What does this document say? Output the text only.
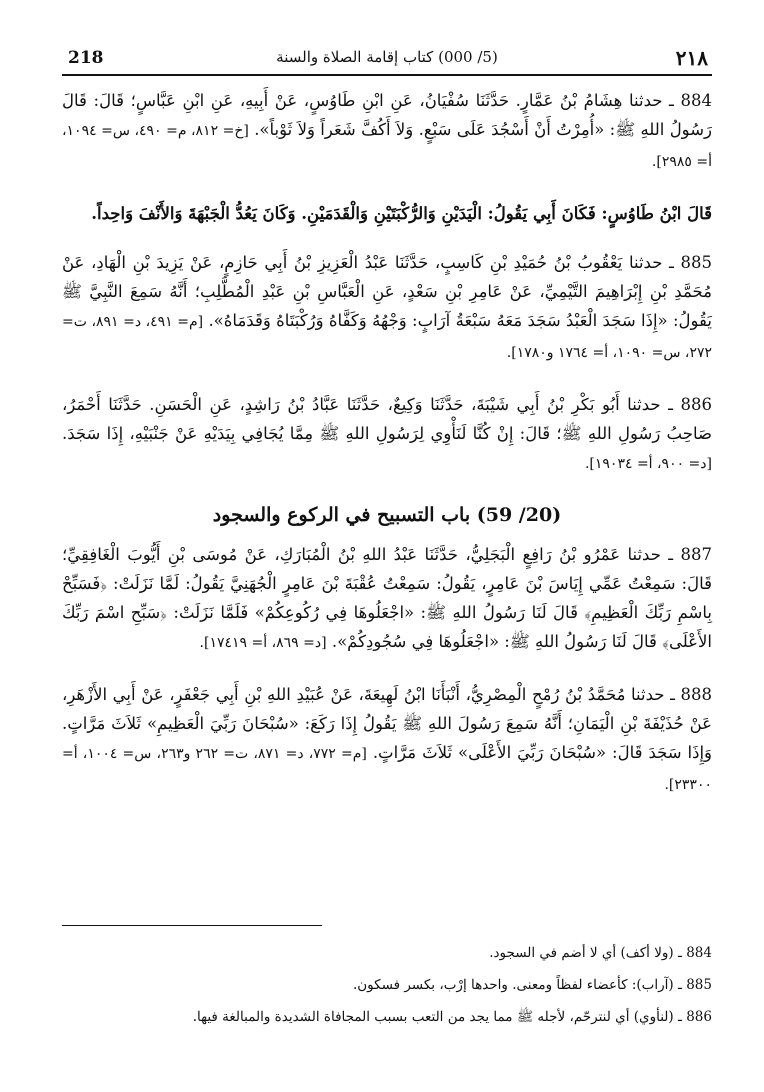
218	(5/ 000) كتاب إقامة الصلاة والسنة	٢١٨

884 ـ حدثنا هِشَامُ بْنُ عَمَّارٍ. حَدَّثَنَا سُفْيَانُ، عَنِ ابْنِ طَاوُسٍ، عَنْ أَبِيهِ، عَنِ ابْنِ عَبَّاسٍ؛ قَالَ: قَالَ رَسُولُ اللهِ ﷺ: «أُمِرْتُ أَنْ أَسْجُدَ عَلَى سَبْعٍ. وَلاَ أَكُفَّ شَعَراً وَلاَ ثَوْباً». [خ= ٨١٢، م= ٤٩٠، س= ١٠٩٤، أ= ٢٩٨٥].

قَالَ ابْنُ طَاوُسٍ: فَكَانَ أَبِي يَقُولُ: الْيَدَيْنِ وَالرُّكْبَتَيْنِ وَالْقَدَمَيْنِ. وَكَانَ يَعُدُّ الْجَبْهَةَ وَالأَنْفَ وَاحِداً.

885 ـ حدثنا يَعْقُوبُ بْنُ حُمَيْدِ بْنِ كَاسِبٍ، حَدَّثَنَا عَبْدُ الْعَزِيزِ بْنُ أَبِي حَازِمٍ، عَنْ يَزِيدَ بْنِ الْهَادِ، عَنْ مُحَمَّدِ بْنِ إِبْرَاهِيمَ التَّيْمِيِّ، عَنْ عَامِرِ بْنِ سَعْدٍ، عَنِ الْعَبَّاسِ بْنِ عَبْدِ الْمُطَّلِبِ؛ أَنَّهُ سَمِعَ النَّبِيَّ ﷺ يَقُولُ: «إِذَا سَجَدَ الْعَبْدُ سَجَدَ مَعَهُ سَبْعَةُ آرَابٍ: وَجْهُهُ وَكَفَّاهُ وَرُكْبَتَاهُ وَقَدَمَاهُ». [م= ٤٩١، د= ٨٩١، ت= ٢٧٢، س= ١٠٩٠، أ= ١٧٦٤ و١٧٨٠].

886 ـ حدثنا أَبُو بَكْرِ بْنُ أَبِي شَيْبَةَ، حَدَّثَنَا وَكِيعٌ، حَدَّثَنَا عَبَّادُ بْنُ رَاشِدٍ، عَنِ الْحَسَنِ. حَدَّثَنَا أَحْمَرُ، صَاحِبُ رَسُولِ اللهِ ﷺ؛ قَالَ: إِنْ كُنَّا لَنَأْوِي لِرَسُولِ اللهِ ﷺ مِمَّا يُجَافِي بِيَدَيْهِ عَنْ جَنْبَيْهِ، إِذَا سَجَدَ. [د= ٩٠٠، أ= ١٩٠٣٤].

(20/ 59) باب التسبيح في الركوع والسجود

887 ـ حدثنا عَمْرُو بْنُ رَافِعٍ الْبَجَلِيُّ، حَدَّثَنَا عَبْدُ اللهِ بْنُ الْمُبَارَكِ، عَنْ مُوسَى بْنِ أَيُّوبَ الْغَافِقِيِّ؛ قَالَ: سَمِعْتُ عَمِّي إِيَاسَ بْنَ عَامِرٍ، يَقُولُ: سَمِعْتُ عُقْبَةَ بْنَ عَامِرٍ الْجُهَنِيَّ يَقُولُ: لَمَّا نَزَلَتْ: ﴿فَسَبِّحْ بِاسْمِ رَبِّكَ الْعَظِيمِ﴾ قَالَ لَنَا رَسُولُ اللهِ ﷺ: «اجْعَلُوهَا فِي رُكُوعِكُمْ» فَلَمَّا نَزَلَتْ: ﴿سَبِّحِ اسْمَ رَبِّكَ الأَعْلَى﴾ قَالَ لَنَا رَسُولُ اللهِ ﷺ: «اجْعَلُوهَا فِي سُجُودِكُمْ». [د= ٨٦٩، أ= ١٧٤١٩].

888 ـ حدثنا مُحَمَّدُ بْنُ رُمْحٍ الْمِصْرِيُّ، أَنْبَأَنَا ابْنُ لَهِيعَةَ، عَنْ عُبَيْدِ اللهِ بْنِ أَبِي جَعْفَرٍ، عَنْ أَبِي الأَزْهَرِ، عَنْ حُذَيْفَةَ بْنِ الْيَمَانِ؛ أَنَّهُ سَمِعَ رَسُولَ اللهِ ﷺ يَقُولُ إِذَا رَكَعَ: «سُبْحَانَ رَبِّيَ الْعَظِيمِ» ثَلاَثَ مَرَّاتٍ. وَإِذَا سَجَدَ قَالَ: «سُبْحَانَ رَبِّيَ الأَعْلَى» ثَلاَثَ مَرَّاتٍ. [م= ٧٧٢، د= ٨٧١، ت= ٢٦٢ و٢٦٣، س= ١٠٠٤، أ= ٢٣٣٠٠].

884 ـ (ولا أكف) أي لا أضم في السجود.

885 ـ (آراب): كأعضاء لفظاً ومعنى. واحدها إرْب، بكسر فسكون.

886 ـ (لنأوي) أي لنترحّم، لأجله ﷺ مما يجد من التعب بسبب المجافاة الشديدة والمبالغة فيها.
